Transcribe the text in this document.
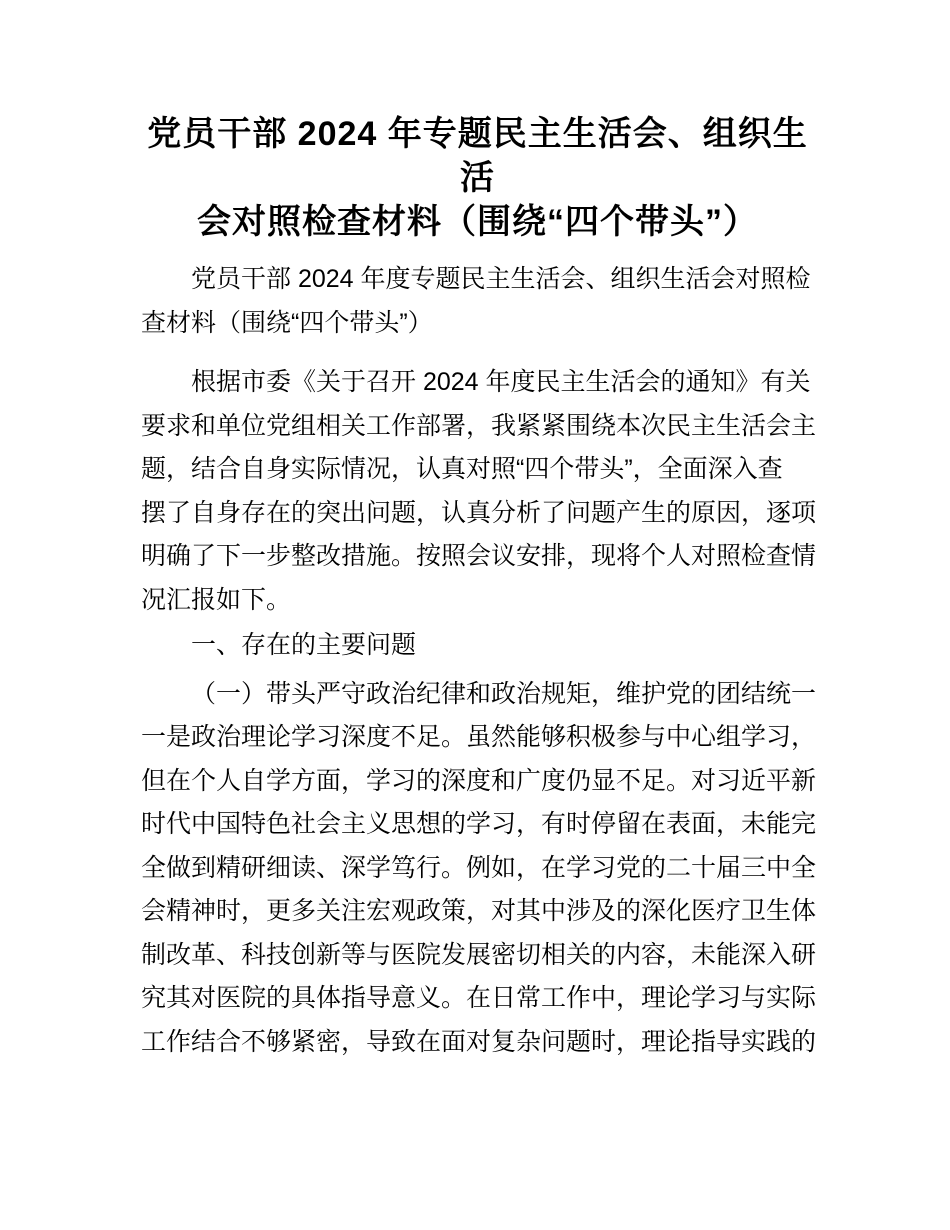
党员干部 2024 年专题民主生活会、组织生活
会对照检查材料（围绕“四个带头”）

党员干部 2024 年度专题民主生活会、组织生活会对照检
查材料（围绕“四个带头”）

根据市委《关于召开 2024 年度民主生活会的通知》有关
要求和单位党组相关工作部署，我紧紧围绕本次民主生活会主
题，结合自身实际情况，认真对照“四个带头”，全面深入查
摆了自身存在的突出问题，认真分析了问题产生的原因，逐项
明确了下一步整改措施。按照会议安排，现将个人对照检查情
况汇报如下。

一、存在的主要问题

（一）带头严守政治纪律和政治规矩，维护党的团结统一
一是政治理论学习深度不足。虽然能够积极参与中心组学习，
但在个人自学方面，学习的深度和广度仍显不足。对习近平新
时代中国特色社会主义思想的学习，有时停留在表面，未能完
全做到精研细读、深学笃行。例如，在学习党的二十届三中全
会精神时，更多关注宏观政策，对其中涉及的深化医疗卫生体
制改革、科技创新等与医院发展密切相关的内容，未能深入研
究其对医院的具体指导意义。在日常工作中，理论学习与实际
工作结合不够紧密，导致在面对复杂问题时，理论指导实践的
